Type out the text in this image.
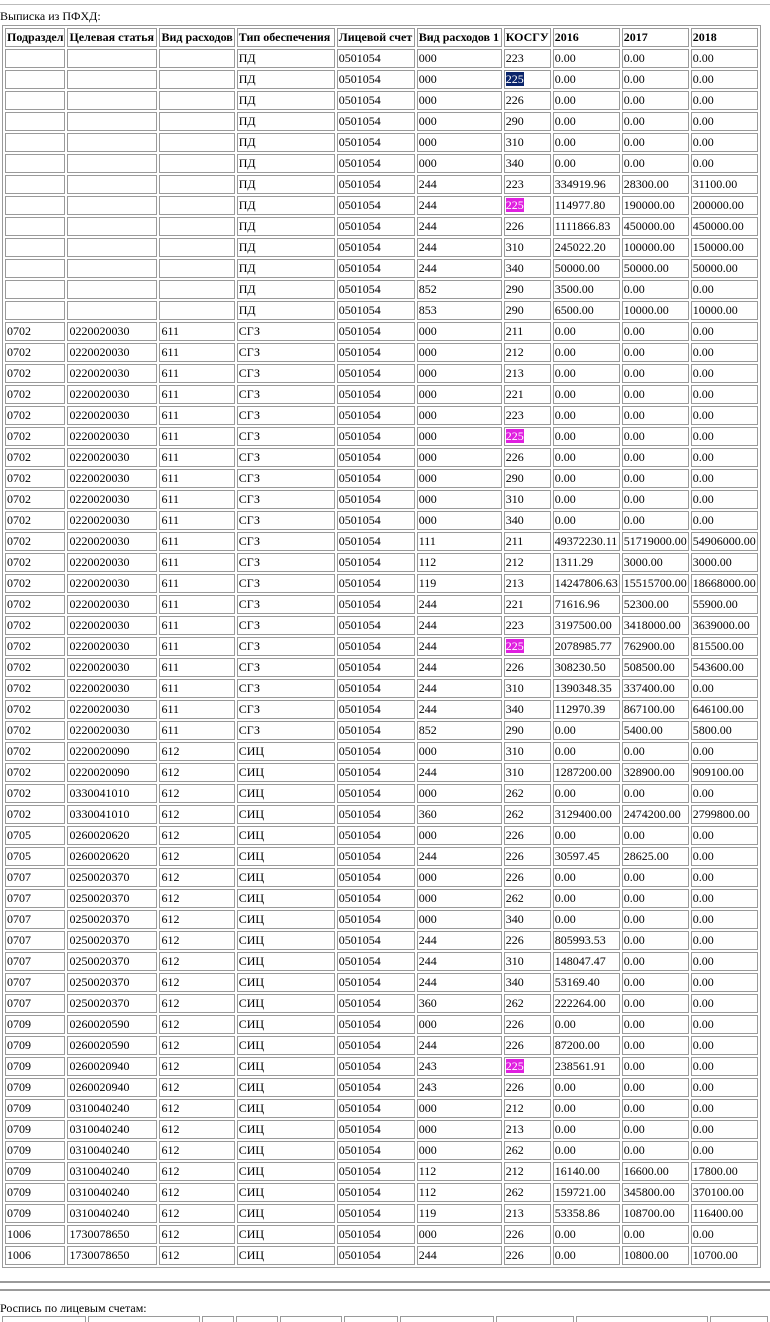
Выписка из ПФХД:
Подраздел	Целевая статья	Вид расходов	Тип обеспечения	Лицевой счет	Вид расходов 1	КОСГУ	2016	2017	2018
			ПД	0501054	000	223	0.00	0.00	0.00
			ПД	0501054	000	225	0.00	0.00	0.00
			ПД	0501054	000	226	0.00	0.00	0.00
			ПД	0501054	000	290	0.00	0.00	0.00
			ПД	0501054	000	310	0.00	0.00	0.00
			ПД	0501054	000	340	0.00	0.00	0.00
			ПД	0501054	244	223	334919.96	28300.00	31100.00
			ПД	0501054	244	225	114977.80	190000.00	200000.00
			ПД	0501054	244	226	1111866.83	450000.00	450000.00
			ПД	0501054	244	310	245022.20	100000.00	150000.00
			ПД	0501054	244	340	50000.00	50000.00	50000.00
			ПД	0501054	852	290	3500.00	0.00	0.00
			ПД	0501054	853	290	6500.00	10000.00	10000.00
0702	0220020030	611	СГЗ	0501054	000	211	0.00	0.00	0.00
0702	0220020030	611	СГЗ	0501054	000	212	0.00	0.00	0.00
0702	0220020030	611	СГЗ	0501054	000	213	0.00	0.00	0.00
0702	0220020030	611	СГЗ	0501054	000	221	0.00	0.00	0.00
0702	0220020030	611	СГЗ	0501054	000	223	0.00	0.00	0.00
0702	0220020030	611	СГЗ	0501054	000	225	0.00	0.00	0.00
0702	0220020030	611	СГЗ	0501054	000	226	0.00	0.00	0.00
0702	0220020030	611	СГЗ	0501054	000	290	0.00	0.00	0.00
0702	0220020030	611	СГЗ	0501054	000	310	0.00	0.00	0.00
0702	0220020030	611	СГЗ	0501054	000	340	0.00	0.00	0.00
0702	0220020030	611	СГЗ	0501054	111	211	49372230.11	51719000.00	54906000.00
0702	0220020030	611	СГЗ	0501054	112	212	1311.29	3000.00	3000.00
0702	0220020030	611	СГЗ	0501054	119	213	14247806.63	15515700.00	18668000.00
0702	0220020030	611	СГЗ	0501054	244	221	71616.96	52300.00	55900.00
0702	0220020030	611	СГЗ	0501054	244	223	3197500.00	3418000.00	3639000.00
0702	0220020030	611	СГЗ	0501054	244	225	2078985.77	762900.00	815500.00
0702	0220020030	611	СГЗ	0501054	244	226	308230.50	508500.00	543600.00
0702	0220020030	611	СГЗ	0501054	244	310	1390348.35	337400.00	0.00
0702	0220020030	611	СГЗ	0501054	244	340	112970.39	867100.00	646100.00
0702	0220020030	611	СГЗ	0501054	852	290	0.00	5400.00	5800.00
0702	0220020090	612	СИЦ	0501054	000	310	0.00	0.00	0.00
0702	0220020090	612	СИЦ	0501054	244	310	1287200.00	328900.00	909100.00
0702	0330041010	612	СИЦ	0501054	000	262	0.00	0.00	0.00
0702	0330041010	612	СИЦ	0501054	360	262	3129400.00	2474200.00	2799800.00
0705	0260020620	612	СИЦ	0501054	000	226	0.00	0.00	0.00
0705	0260020620	612	СИЦ	0501054	244	226	30597.45	28625.00	0.00
0707	0250020370	612	СИЦ	0501054	000	226	0.00	0.00	0.00
0707	0250020370	612	СИЦ	0501054	000	262	0.00	0.00	0.00
0707	0250020370	612	СИЦ	0501054	000	340	0.00	0.00	0.00
0707	0250020370	612	СИЦ	0501054	244	226	805993.53	0.00	0.00
0707	0250020370	612	СИЦ	0501054	244	310	148047.47	0.00	0.00
0707	0250020370	612	СИЦ	0501054	244	340	53169.40	0.00	0.00
0707	0250020370	612	СИЦ	0501054	360	262	222264.00	0.00	0.00
0709	0260020590	612	СИЦ	0501054	000	226	0.00	0.00	0.00
0709	0260020590	612	СИЦ	0501054	244	226	87200.00	0.00	0.00
0709	0260020940	612	СИЦ	0501054	243	225	238561.91	0.00	0.00
0709	0260020940	612	СИЦ	0501054	243	226	0.00	0.00	0.00
0709	0310040240	612	СИЦ	0501054	000	212	0.00	0.00	0.00
0709	0310040240	612	СИЦ	0501054	000	213	0.00	0.00	0.00
0709	0310040240	612	СИЦ	0501054	000	262	0.00	0.00	0.00
0709	0310040240	612	СИЦ	0501054	112	212	16140.00	16600.00	17800.00
0709	0310040240	612	СИЦ	0501054	112	262	159721.00	345800.00	370100.00
0709	0310040240	612	СИЦ	0501054	119	213	53358.86	108700.00	116400.00
1006	1730078650	612	СИЦ	0501054	000	226	0.00	0.00	0.00
1006	1730078650	612	СИЦ	0501054	244	226	0.00	10800.00	10700.00
Роспись по лицевым счетам:
